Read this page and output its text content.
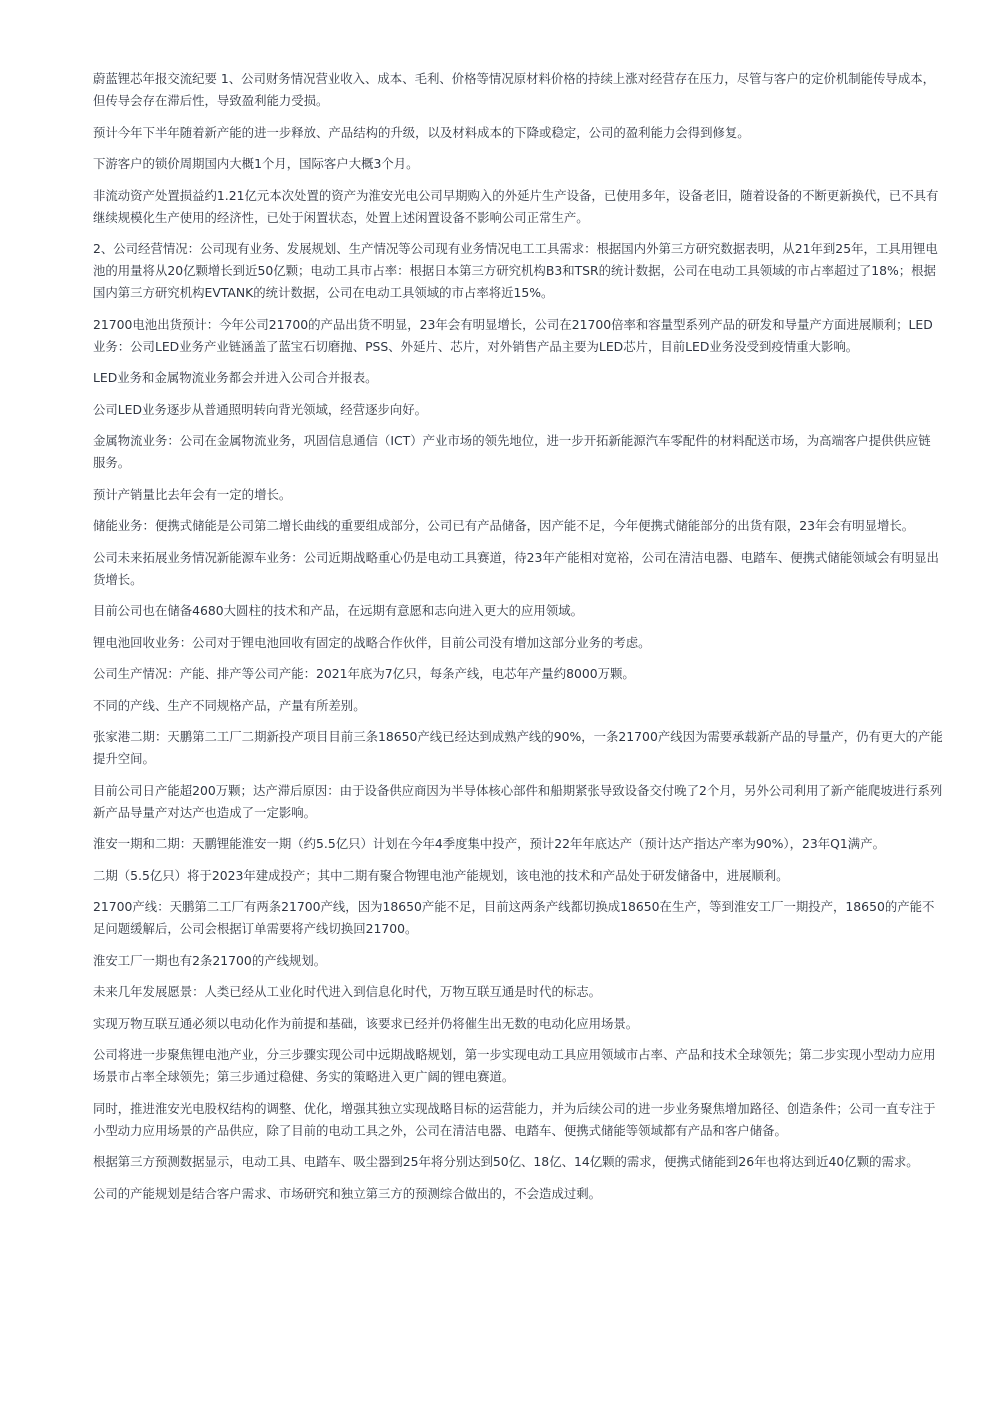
蔚蓝锂芯年报交流纪要 1、公司财务情况营业收入、成本、毛利、价格等情况原材料价格的持续上涨对经营存在压力，尽管与客户的定价机制能传导成本，但传导会存在滞后性，导致盈利能力受损。

预计今年下半年随着新产能的进一步释放、产品结构的升级，以及材料成本的下降或稳定，公司的盈利能力会得到修复。

下游客户的锁价周期国内大概1个月，国际客户大概3个月。

非流动资产处置损益约1.21亿元本次处置的资产为淮安光电公司早期购入的外延片生产设备，已使用多年，设备老旧，随着设备的不断更新换代，已不具有继续规模化生产使用的经济性，已处于闲置状态，处置上述闲置设备不影响公司正常生产。

2、公司经营情况：公司现有业务、发展规划、生产情况等公司现有业务情况电工工具需求：根据国内外第三方研究数据表明，从21年到25年，工具用锂电池的用量将从20亿颗增长到近50亿颗；电动工具市占率：根据日本第三方研究机构B3和TSR的统计数据，公司在电动工具领域的市占率超过了18%；根据国内第三方研究机构EVTANK的统计数据，公司在电动工具领域的市占率将近15%。

21700电池出货预计：今年公司21700的产品出货不明显，23年会有明显增长，公司在21700倍率和容量型系列产品的研发和导量产方面进展顺利；LED业务：公司LED业务产业链涵盖了蓝宝石切磨抛、PSS、外延片、芯片，对外销售产品主要为LED芯片，目前LED业务没受到疫情重大影响。

LED业务和金属物流业务都会并进入公司合并报表。

公司LED业务逐步从普通照明转向背光领域，经营逐步向好。

金属物流业务：公司在金属物流业务，巩固信息通信（ICT）产业市场的领先地位，进一步开拓新能源汽车零配件的材料配送市场，为高端客户提供供应链服务。

预计产销量比去年会有一定的增长。

储能业务：便携式储能是公司第二增长曲线的重要组成部分，公司已有产品储备，因产能不足，今年便携式储能部分的出货有限，23年会有明显增长。

公司未来拓展业务情况新能源车业务：公司近期战略重心仍是电动工具赛道，待23年产能相对宽裕，公司在清洁电器、电踏车、便携式储能领域会有明显出货增长。

目前公司也在储备4680大圆柱的技术和产品，在远期有意愿和志向进入更大的应用领域。

锂电池回收业务：公司对于锂电池回收有固定的战略合作伙伴，目前公司没有增加这部分业务的考虑。

公司生产情况：产能、排产等公司产能：2021年底为7亿只，每条产线，电芯年产量约8000万颗。

不同的产线、生产不同规格产品，产量有所差别。

张家港二期：天鹏第二工厂二期新投产项目目前三条18650产线已经达到成熟产线的90%，一条21700产线因为需要承载新产品的导量产，仍有更大的产能提升空间。

目前公司日产能超200万颗；达产滞后原因：由于设备供应商因为半导体核心部件和船期紧张导致设备交付晚了2个月，另外公司利用了新产能爬坡进行系列新产品导量产对达产也造成了一定影响。

淮安一期和二期：天鹏锂能淮安一期（约5.5亿只）计划在今年4季度集中投产，预计22年年底达产（预计达产指达产率为90%），23年Q1满产。

二期（5.5亿只）将于2023年建成投产；其中二期有聚合物锂电池产能规划，该电池的技术和产品处于研发储备中，进展顺利。

21700产线：天鹏第二工厂有两条21700产线，因为18650产能不足，目前这两条产线都切换成18650在生产，等到淮安工厂一期投产，18650的产能不足问题缓解后，公司会根据订单需要将产线切换回21700。

淮安工厂一期也有2条21700的产线规划。

未来几年发展愿景：人类已经从工业化时代进入到信息化时代，万物互联互通是时代的标志。

实现万物互联互通必须以电动化作为前提和基础，该要求已经并仍将催生出无数的电动化应用场景。

公司将进一步聚焦锂电池产业，分三步骤实现公司中远期战略规划，第一步实现电动工具应用领域市占率、产品和技术全球领先；第二步实现小型动力应用场景市占率全球领先；第三步通过稳健、务实的策略进入更广阔的锂电赛道。

同时，推进淮安光电股权结构的调整、优化，增强其独立实现战略目标的运营能力，并为后续公司的进一步业务聚焦增加路径、创造条件；公司一直专注于小型动力应用场景的产品供应，除了目前的电动工具之外，公司在清洁电器、电踏车、便携式储能等领域都有产品和客户储备。

根据第三方预测数据显示，电动工具、电踏车、吸尘器到25年将分别达到50亿、18亿、14亿颗的需求，便携式储能到26年也将达到近40亿颗的需求。

公司的产能规划是结合客户需求、市场研究和独立第三方的预测综合做出的，不会造成过剩。
